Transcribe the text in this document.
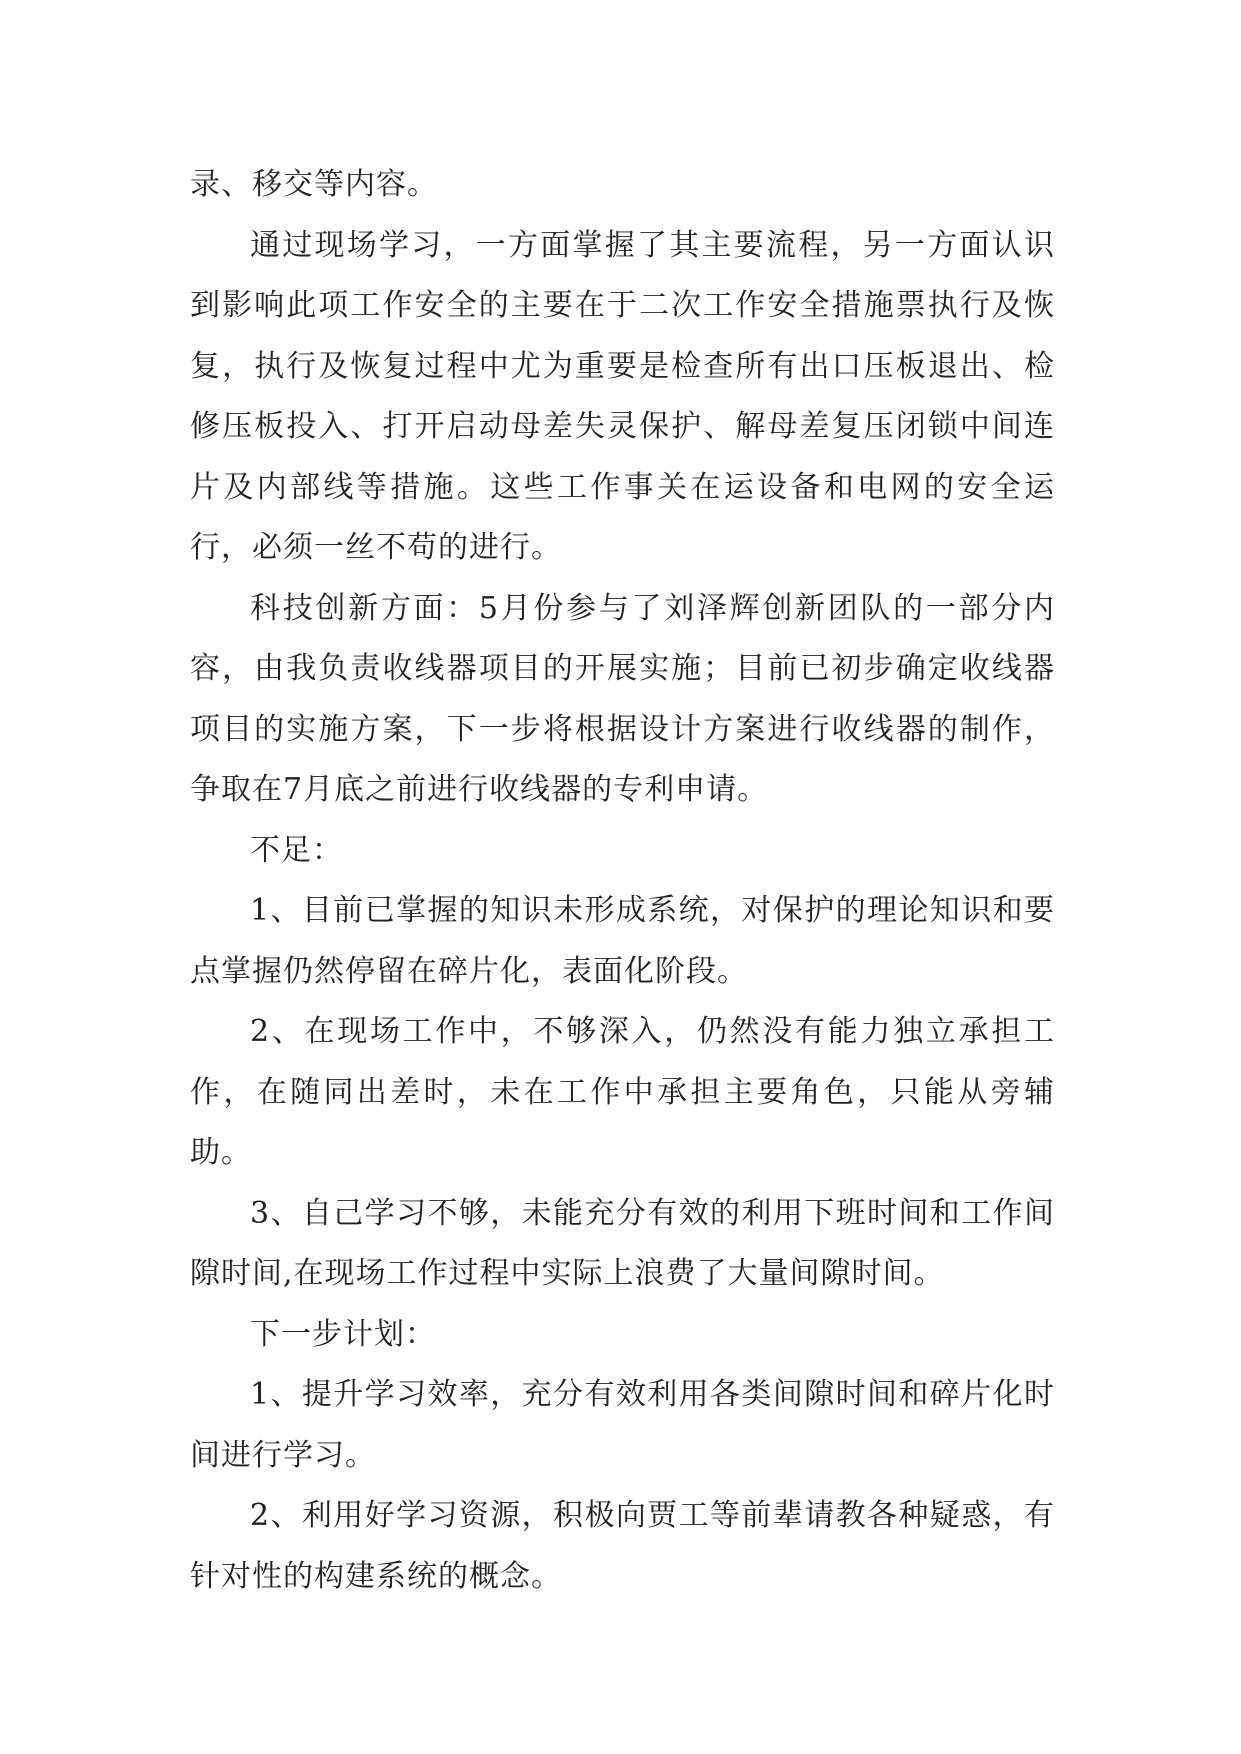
录、移交等内容。

通过现场学习，一方面掌握了其主要流程，另一方面认识到影响此项工作安全的主要在于二次工作安全措施票执行及恢复，执行及恢复过程中尤为重要是检查所有出口压板退出、检修压板投入、打开启动母差失灵保护、解母差复压闭锁中间连片及内部线等措施。这些工作事关在运设备和电网的安全运行，必须一丝不苟的进行。

科技创新方面：5月份参与了刘泽辉创新团队的一部分内容，由我负责收线器项目的开展实施；目前已初步确定收线器项目的实施方案，下一步将根据设计方案进行收线器的制作，争取在7月底之前进行收线器的专利申请。

不足：

1、目前已掌握的知识未形成系统，对保护的理论知识和要点掌握仍然停留在碎片化，表面化阶段。

2、在现场工作中，不够深入，仍然没有能力独立承担工作，在随同出差时，未在工作中承担主要角色，只能从旁辅助。

3、自己学习不够，未能充分有效的利用下班时间和工作间隙时间,在现场工作过程中实际上浪费了大量间隙时间。

下一步计划：

1、提升学习效率，充分有效利用各类间隙时间和碎片化时间进行学习。

2、利用好学习资源，积极向贾工等前辈请教各种疑惑，有针对性的构建系统的概念。
